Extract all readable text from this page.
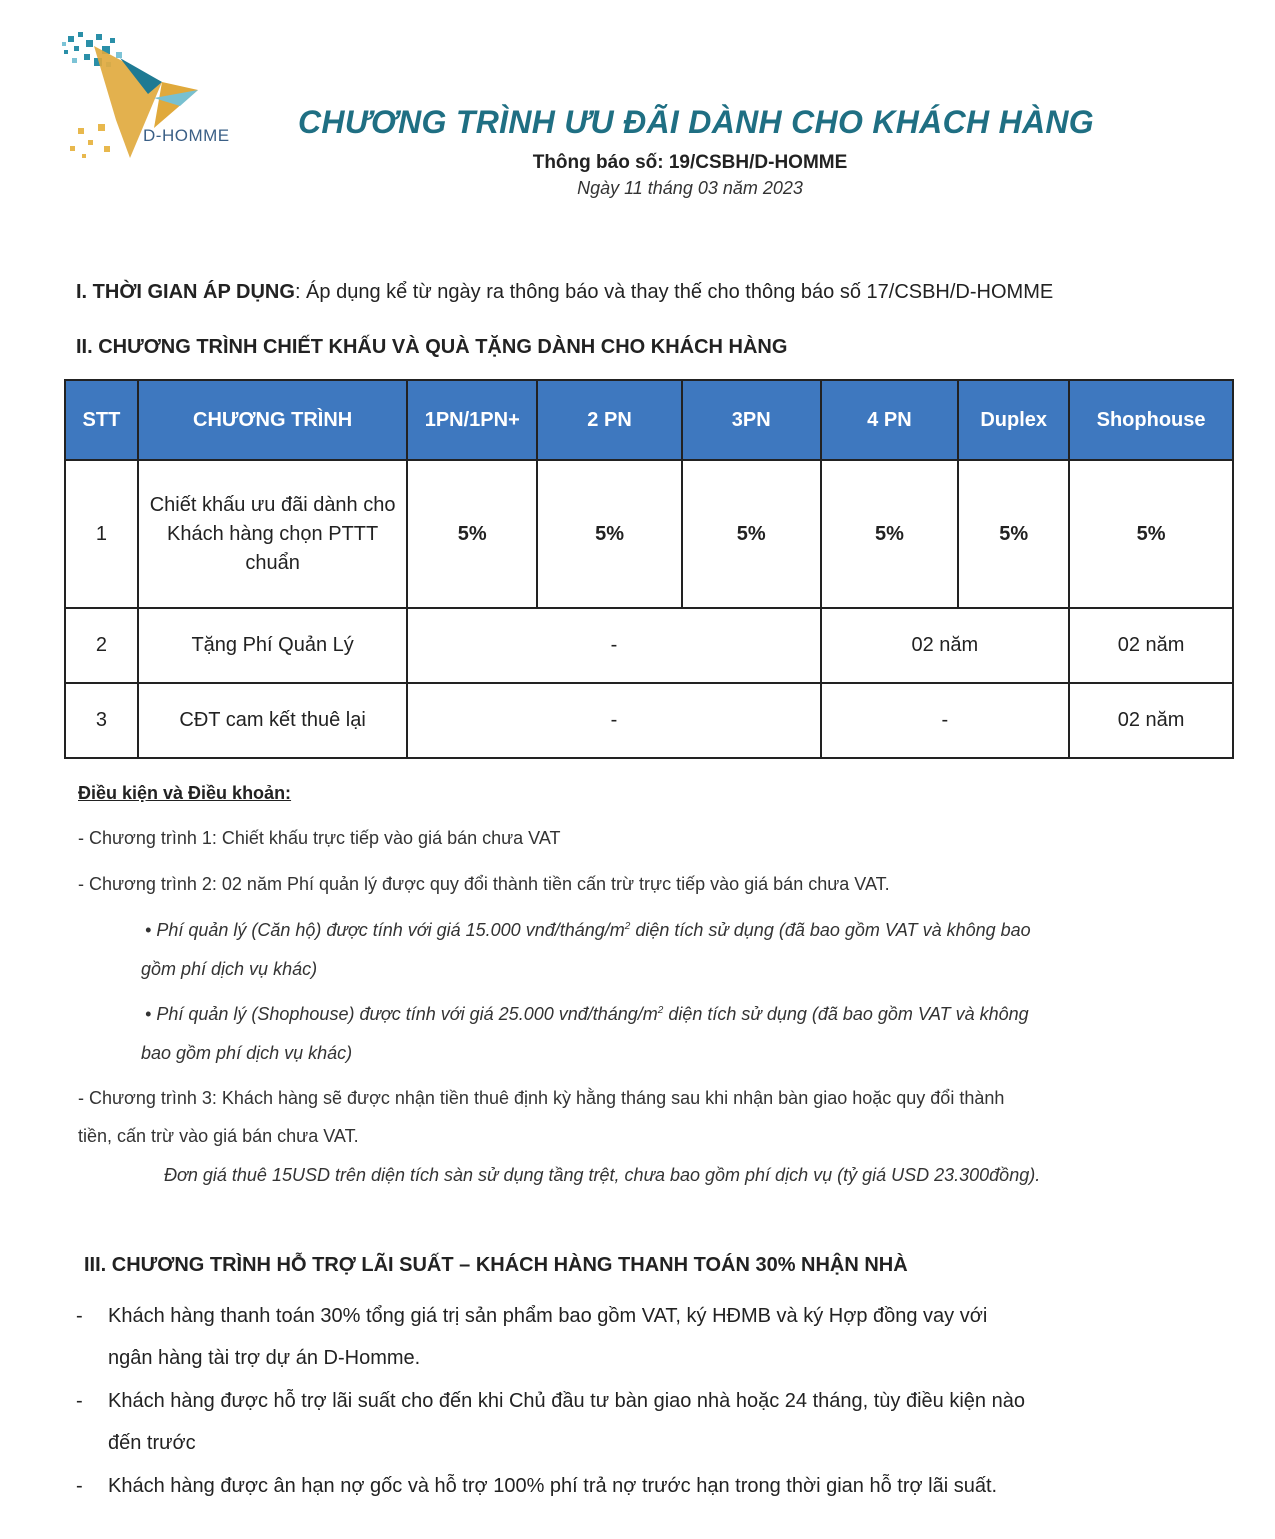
D-HOMME CHƯƠNG TRÌNH ƯU ĐÃI DÀNH CHO KHÁCH HÀNG
Thông báo số: 19/CSBH/D-HOMME
Ngày 11 tháng 03 năm 2023
I. THỜI GIAN ÁP DỤNG: Áp dụng kể từ ngày ra thông báo và thay thế cho thông báo số 17/CSBH/D-HOMME
II. CHƯƠNG TRÌNH CHIẾT KHẤU VÀ QUÀ TẶNG DÀNH CHO KHÁCH HÀNG
STT	CHƯƠNG TRÌNH	1PN/1PN+	2 PN	3PN	4 PN	Duplex	Shophouse
1	Chiết khấu ưu đãi dành cho Khách hàng chọn PTTT chuẩn	5%	5%	5%	5%	5%	5%
2	Tặng Phí Quản Lý	-			02 năm		02 năm
3	CĐT cam kết thuê lại	-			-		02 năm
Điều kiện và Điều khoản:
- Chương trình 1: Chiết khấu trực tiếp vào giá bán chưa VAT
- Chương trình 2: 02 năm Phí quản lý được quy đổi thành tiền cấn trừ trực tiếp vào giá bán chưa VAT.
• Phí quản lý (Căn hộ) được tính với giá 15.000 vnđ/$tháng/m^2$ diện tích sử dụng (đã bao gồm VAT và không bao
gồm phí dịch vụ khác)
• Phí quản lý (Shophouse) được tính với giá 25.000 vnđ/$tháng/m^2$ diện tích sử dụng (đã bao gồm VAT và không
bao gồm phí dịch vụ khác)
- Chương trình 3: Khách hàng sẽ được nhận tiền thuê định kỳ hằng tháng sau khi nhận bàn giao hoặc quy đổi thành
tiền, cấn trừ vào giá bán chưa VAT.
Đơn giá thuê 15USD trên diện tích sàn sử dụng tầng trệt, chưa bao gồm phí dịch vụ (tỷ giá USD 23.300đồng).
III. CHƯƠNG TRÌNH HỖ TRỢ LÃI SUẤT – KHÁCH HÀNG THANH TOÁN 30% NHẬN NHÀ
- Khách hàng thanh toán 30% tổng giá trị sản phẩm bao gồm VAT, ký HĐMB và ký Hợp đồng vay với
ngân hàng tài trợ dự án D-Homme.
- Khách hàng được hỗ trợ lãi suất cho đến khi Chủ đầu tư bàn giao nhà hoặc 24 tháng, tùy điều kiện nào
đến trước
- Khách hàng được ân hạn nợ gốc và hỗ trợ 100% phí trả nợ trước hạn trong thời gian hỗ trợ lãi suất.
